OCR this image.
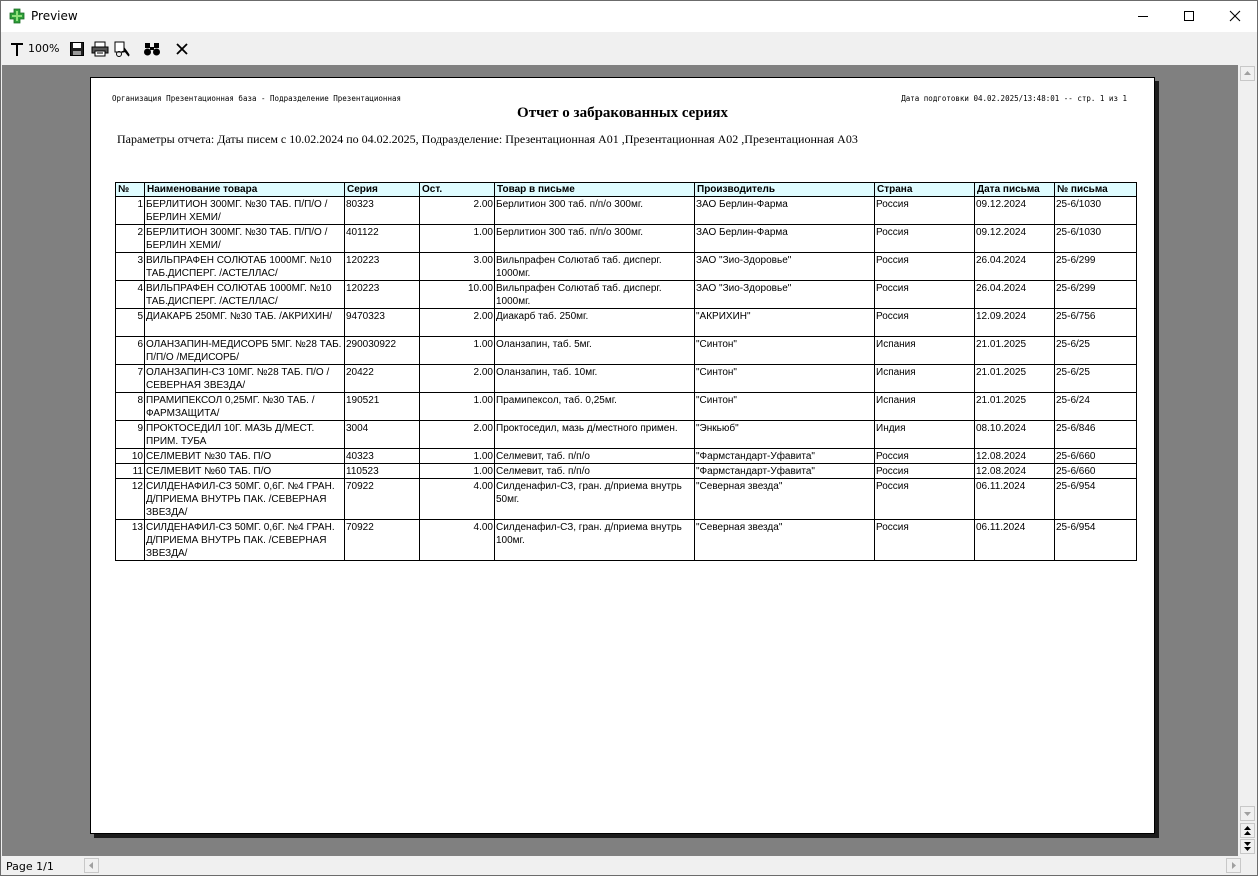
Preview
100%
Организация Презентационная база - Подразделение Презентационная	Дата подготовки 04.02.2025/13:48:01 -- стр. 1 из 1
Отчет о забракованных сериях
Параметры отчета: Даты писем с 10.02.2024 по 04.02.2025, Подразделение: Презентационная А01 ,Презентационная А02 ,Презентационная А03
№	Наименование товара	Серия	Ост.	Товар в письме	Производитель	Страна	Дата письма	№ письма
1	БЕРЛИТИОН 300МГ. №30 ТАБ. П/П/О /БЕРЛИН ХЕМИ/	80323	2.00	Берлитион 300 таб. п/п/о 300мг.	ЗАО Берлин-Фарма	Россия	09.12.2024	25-6/1030
2	БЕРЛИТИОН 300МГ. №30 ТАБ. П/П/О /БЕРЛИН ХЕМИ/	401122	1.00	Берлитион 300 таб. п/п/о 300мг.	ЗАО Берлин-Фарма	Россия	09.12.2024	25-6/1030
3	ВИЛЬПРАФЕН СОЛЮТАБ 1000МГ. №10 ТАБ.ДИСПЕРГ. /АСТЕЛЛАС/	120223	3.00	Вильпрафен Солютаб таб. дисперг. 1000мг.	ЗАО "Зио-Здоровье"	Россия	26.04.2024	25-6/299
4	ВИЛЬПРАФЕН СОЛЮТАБ 1000МГ. №10 ТАБ.ДИСПЕРГ. /АСТЕЛЛАС/	120223	10.00	Вильпрафен Солютаб таб. дисперг. 1000мг.	ЗАО "Зио-Здоровье"	Россия	26.04.2024	25-6/299
5	ДИАКАРБ 250МГ. №30 ТАБ. /АКРИХИН/	9470323	2.00	Диакарб таб. 250мг.	"АКРИХИН"	Россия	12.09.2024	25-6/756
6	ОЛАНЗАПИН-МЕДИСОРБ 5МГ. №28 ТАБ. П/П/О /МЕДИСОРБ/	290030922	1.00	Оланзапин, таб. 5мг.	"Синтон"	Испания	21.01.2025	25-6/25
7	ОЛАНЗАПИН-СЗ 10МГ. №28 ТАБ. П/О /СЕВЕРНАЯ ЗВЕЗДА/	20422	2.00	Оланзапин, таб. 10мг.	"Синтон"	Испания	21.01.2025	25-6/25
8	ПРАМИПЕКСОЛ 0,25МГ. №30 ТАБ. /ФАРМЗАЩИТА/	190521	1.00	Прамипексол, таб. 0,25мг.	"Синтон"	Испания	21.01.2025	25-6/24
9	ПРОКТОСЕДИЛ 10Г. МАЗЬ Д/МЕСТ. ПРИМ. ТУБА	3004	2.00	Проктоседил, мазь д/местного примен.	"Энкьюб"	Индия	08.10.2024	25-6/846
10	СЕЛМЕВИТ №30 ТАБ. П/О	40323	1.00	Селмевит, таб. п/п/о	"Фармстандарт-Уфавита"	Россия	12.08.2024	25-6/660
11	СЕЛМЕВИТ №60 ТАБ. П/О	110523	1.00	Селмевит, таб. п/п/о	"Фармстандарт-Уфавита"	Россия	12.08.2024	25-6/660
12	СИЛДЕНАФИЛ-СЗ 50МГ. 0,6Г. №4 ГРАН. Д/ПРИЕМА ВНУТРЬ ПАК. /СЕВЕРНАЯ ЗВЕЗДА/	70922	4.00	Силденафил-СЗ, гран. д/приема внутрь 50мг.	"Северная звезда"	Россия	06.11.2024	25-6/954
13	СИЛДЕНАФИЛ-СЗ 50МГ. 0,6Г. №4 ГРАН. Д/ПРИЕМА ВНУТРЬ ПАК. /СЕВЕРНАЯ ЗВЕЗДА/	70922	4.00	Силденафил-СЗ, гран. д/приема внутрь 100мг.	"Северная звезда"	Россия	06.11.2024	25-6/954
Page 1/1
